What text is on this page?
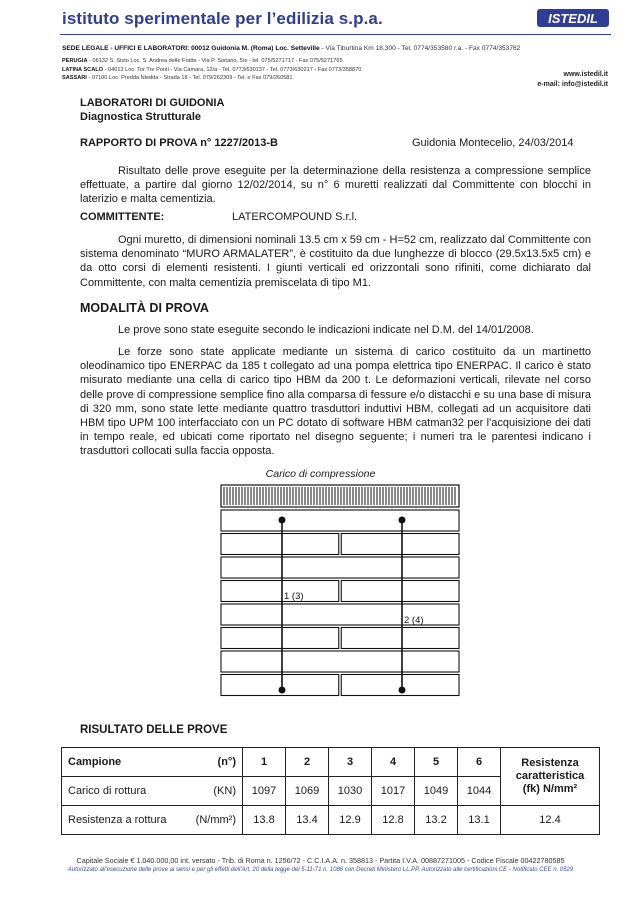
istituto sperimentale per l’edilizia s.p.a.	ISTEDIL
SEDE LEGALE - UFFICI E LABORATORI: 00012 Guidonia M. (Roma) Loc. Setteville - Via Tiburtina Km 18,300 - Tel. 0774/353580 r.a. - Fax 0774/353762
PERUGIA - 06132 S. Sisto Loc. S. Andrea delle Fratte - Via P. Soriano, 5/e - tel. 075/5271717 - Fax 075/5271765
LATINA SCALO - 04013 Loc. Tor Tre Ponti - Via Camara, 12/a - Tel. 0773/630137 - Tel. 0773/630217 - Fax 0773/358870
SASSARI - 07100 Loc. Predda Niedda - Strada 18 - Tel. 079/262309 - Tel. e Fax 079/260581
www.istedil.it
e-mail: info@istedil.it
LABORATORI DI GUIDONIA
Diagnostica Strutturale
RAPPORTO DI PROVA n° 1227/2013-B	Guidonia Montecelio, 24/03/2014
Risultato delle prove eseguite per la determinazione della resistenza a compressione semplice effettuate, a partire dal giorno 12/02/2014, su n° 6 muretti realizzati dal Committente con blocchi in laterizio e malta cementizia.
COMMITTENTE:	LATERCOMPOUND S.r.l.
Ogni muretto, di dimensioni nominali 13.5 cm x 59 cm - H=52 cm, realizzato dal Committente con sistema denominato “MURO ARMALATER”, è costituito da due lunghezze di blocco (29.5x13.5x5 cm) e da otto corsi di elementi resistenti. I giunti verticali ed orizzontali sono rifiniti, come dichiarato dal Committente, con malta cementizia premiscelata di tipo M1.
MODALITÀ DI PROVA
Le prove sono state eseguite secondo le indicazioni indicate nel D.M. del 14/01/2008.
Le forze sono state applicate mediante un sistema di carico costituito da un martinetto oleodinamico tipo ENERPAC da 185 t collegato ad una pompa elettrica tipo ENERPAC. Il carico è stato misurato mediante una cella di carico tipo HBM da 200 t. Le deformazioni verticali, rilevate nel corso delle prove di compressione semplice fino alla comparsa di fessure e/o distacchi e su una base di misura di 320 mm, sono state lette mediante quattro trasduttori induttivi HBM, collegati ad un acquisitore dati HBM tipo UPM 100 interfacciato con un PC dotato di software HBM catman32 per l'acquisizione dei dati in tempo reale, ed ubicati come riportato nel disegno seguente; i numeri tra le parentesi indicano i trasduttori collocati sulla faccia opposta.
Carico di compressione
1 (3)
2 (4)
RISULTATO DELLE PROVE
Campione (n°)	1	2	3	4	5	6	Resistenza caratteristica (fk) N/mm²

Carico di rottura (KN)	1097	1069	1030	1017	1049	1044	

Resistenza a rottura (N/mm²)	13.8	13.4	12.9	12.8	13.2	13.1	12.4
Capitale Sociale € 1.040.000,00 int. versato - Trib. di Roma n. 1256/72 - C.C.I.A.A. n. 358813 - Partita I.V.A. 00887271005 - Codice Fiscale 00422780585
Autorizzato all'esecuzione delle prove ai sensi e per gli effetti dell'Art. 20 della legge del 5-11-71 n. 1086 con Decreti Ministero LL.PP. Autorizzato alle certificazioni CE - Notificato CEE n. 0529
